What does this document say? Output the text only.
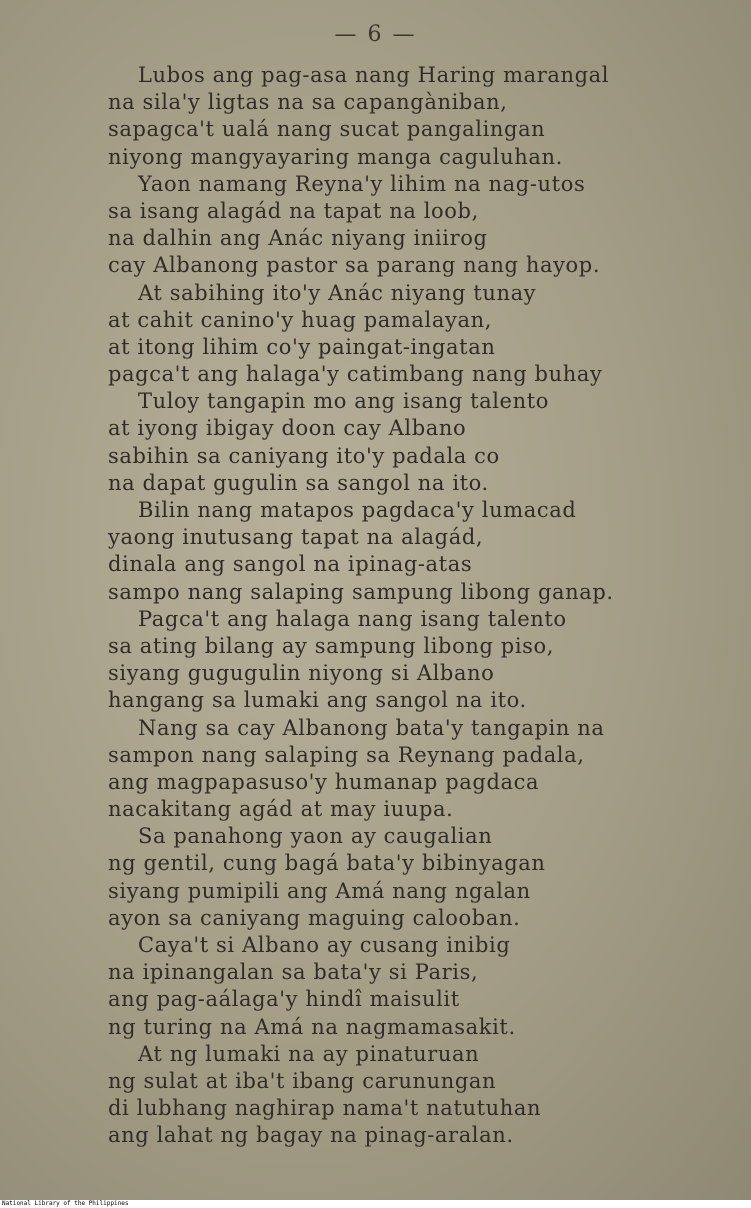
— 6 —
Lubos ang pag-asa nang Haring marangal
na sila'y ligtas na sa capangàniban,
sapagca't ualá nang sucat pangalingan
niyong mangyayaring manga caguluhan.
Yaon namang Reyna'y lihim na nag-utos
sa isang alagád na tapat na loob,
na dalhin ang Anác niyang iniirog
cay Albanong pastor sa parang nang hayop.
At sabihing ito'y Anác niyang tunay
at cahit canino'y huag pamalayan,
at itong lihim co'y paingat-ingatan
pagca't ang halaga'y catimbang nang buhay
Tuloy tangapin mo ang isang talento
at iyong ibigay doon cay Albano
sabihin sa caniyang ito'y padala co
na dapat gugulin sa sangol na ito.
Bilin nang matapos pagdaca'y lumacad
yaong inutusang tapat na alagád,
dinala ang sangol na ipinag-atas
sampo nang salaping sampung libong ganap.
Pagca't ang halaga nang isang talento
sa ating bilang ay sampung libong piso,
siyang gugugulin niyong si Albano
hangang sa lumaki ang sangol na ito.
Nang sa cay Albanong bata'y tangapin na
sampon nang salaping sa Reynang padala,
ang magpapasuso'y humanap pagdaca
nacakitang agád at may iuupa.
Sa panahong yaon ay caugalian
ng gentil, cung bagá bata'y bibinyagan
siyang pumipili ang Amá nang ngalan
ayon sa caniyang maguing calooban.
Caya't si Albano ay cusang inibig
na ipinangalan sa bata'y si Paris,
ang pag-aálaga'y hindî maisulit
ng turing na Amá na nagmamasakit.
At ng lumaki na ay pinaturuan
ng sulat at iba't ibang carunungan
di lubhang naghirap nama't natutuhan
ang lahat ng bagay na pinag-aralan.
National Library of the Philippines
